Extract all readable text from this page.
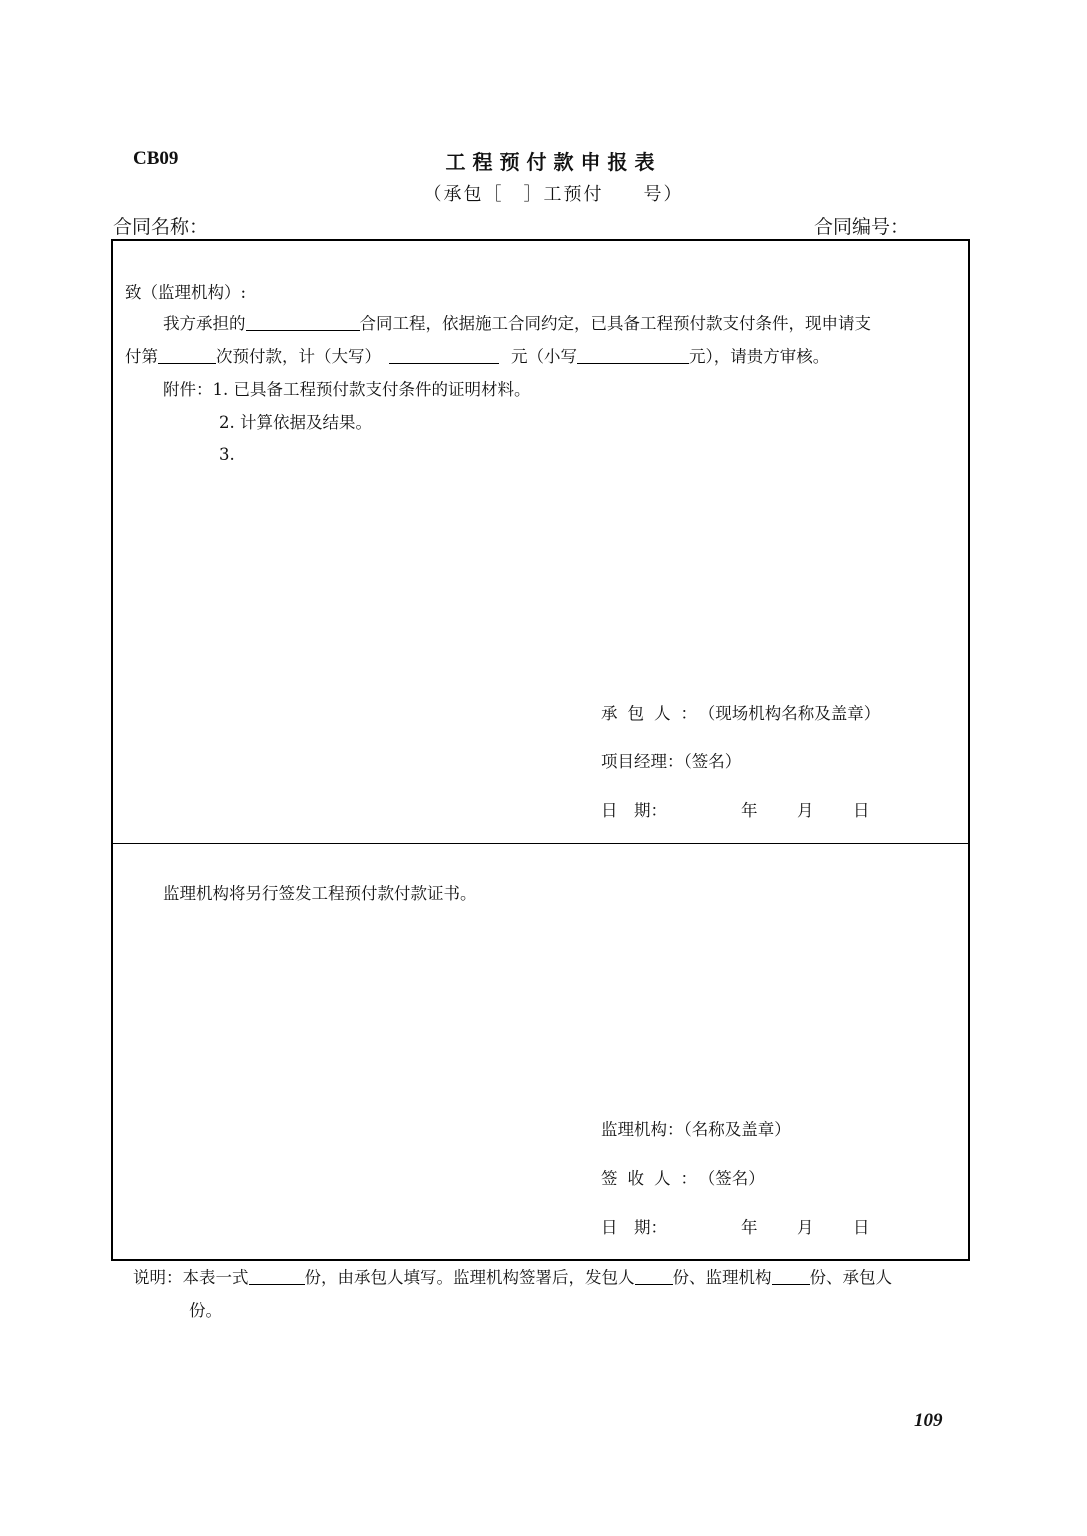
CB09	工程预付款申报表
（承包［　］工预付　　号）
合同名称：	合同编号：
致（监理机构）:
我方承担的	合同工程，依据施工合同约定，已具备工程预付款支付条件，现申请支
付第	次预付款，计（大写）	元（小写	元），请贵方审核。
附件：1. 已具备工程预付款支付条件的证明材料。
2. 计算依据及结果。
3.
承包人：（现场机构名称及盖章）
项目经理：（签名）
日　期：	年 月 日
监理机构将另行签发工程预付款付款证书。
监理机构：（名称及盖章）
签收人：（签名）
日　期：	年 月 日
说明：本表一式	份，由承包人填写。监理机构签署后，发包人 份、监理机构 份、承包人
份。
109
